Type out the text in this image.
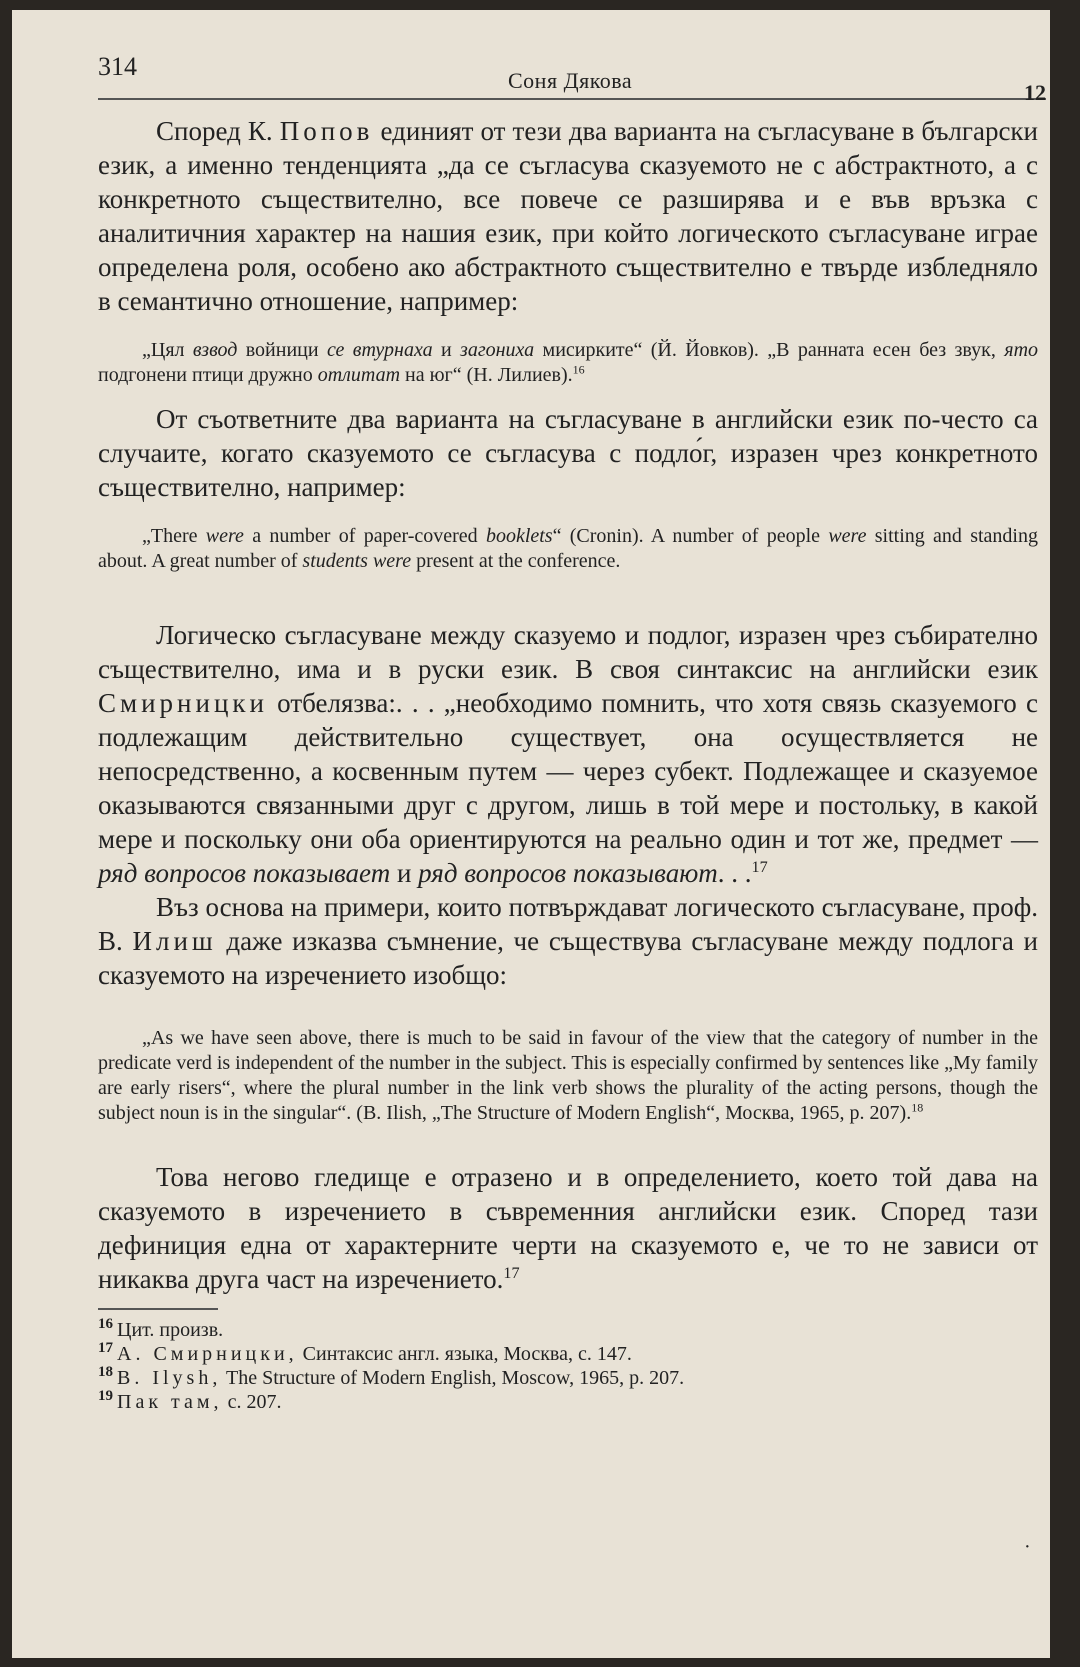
314	Соня Дякова	12

Според К. Попов единият от тези два варианта на съгласуване в български език, а именно тенденцията „да се съгласува сказуемото не с абстрактното, а с конкретното съществително, все повече се разширява и е във връзка с аналитичния характер на нашия език, при който логическото съгласуване играе определена роля, особено ако абстрактното съществително е твърде избледняло в семантично отношение, например:

„Цял взвод войници се втурнаха и загониха мисирките“ (Й. Йовков). „В ранната есен без звук, ято подгонени птици дружно отлитат на юг“ (Н. Лилиев).$^{16}$

От съответните два варианта на съгласуване в английски език по-често са случаите, когато сказуемото се съгласува с подло́г, изразен чрез конкретното съществително, например:

„There were a number of paper-covered booklets“ (Cronin). A number of people were sitting and standing about. A great number of students were present at the conference.

Логическо съгласуване между сказуемо и подлог, изразен чрез събирателно съществително, има и в руски език. В своя синтаксис на английски език Смирницки отбелязва:. . . „необходимо помнить, что хотя связь сказуемого с подлежащим действительно существует, она осуществляется не непосредственно, а косвенным путем — через субект. Подлежащее и сказуемое оказываются связанными друг с другом, лишь в той мере и постольку, в какой мере и поскольку они оба ориентируются на реально один и тот же, предмет — ряд вопросов показывает и ряд вопросов показывают. . .$^{17}$

Въз основа на примери, които потвърждават логическото съгласуване, проф. В. Илиш даже изказва съмнение, че съществува съгласуване между подлога и сказуемото на изречението изобщо:

„As we have seen above, there is much to be said in favour of the view that the category of number in the predicate verd is independent of the number in the subject. This is especially confirmed by sentences like „My family are early risers“, where the plural number in the link verb shows the plurality of the acting persons, though the subject noun is in the singular“. (B. Ilish, „The Structure of Modern English“, Москва, 1965, p. 207).$^{18}$

Това негово гледище е отразено и в определението, което той дава на сказуемото в изречението в съвременния английски език. Според тази дефиниция една от характерните черти на сказуемото е, че то не зависи от никаква друга част на изречението.$^{17}$

$^{16}$ Цит. произв.
$^{17}$ А. Смирницки, Синтаксис англ. языка, Москва, с. 147.
$^{18}$ B. Ilysh, The Structure of Modern English, Moscow, 1965, p. 207.
$^{19}$ Пак там, с. 207.
·
